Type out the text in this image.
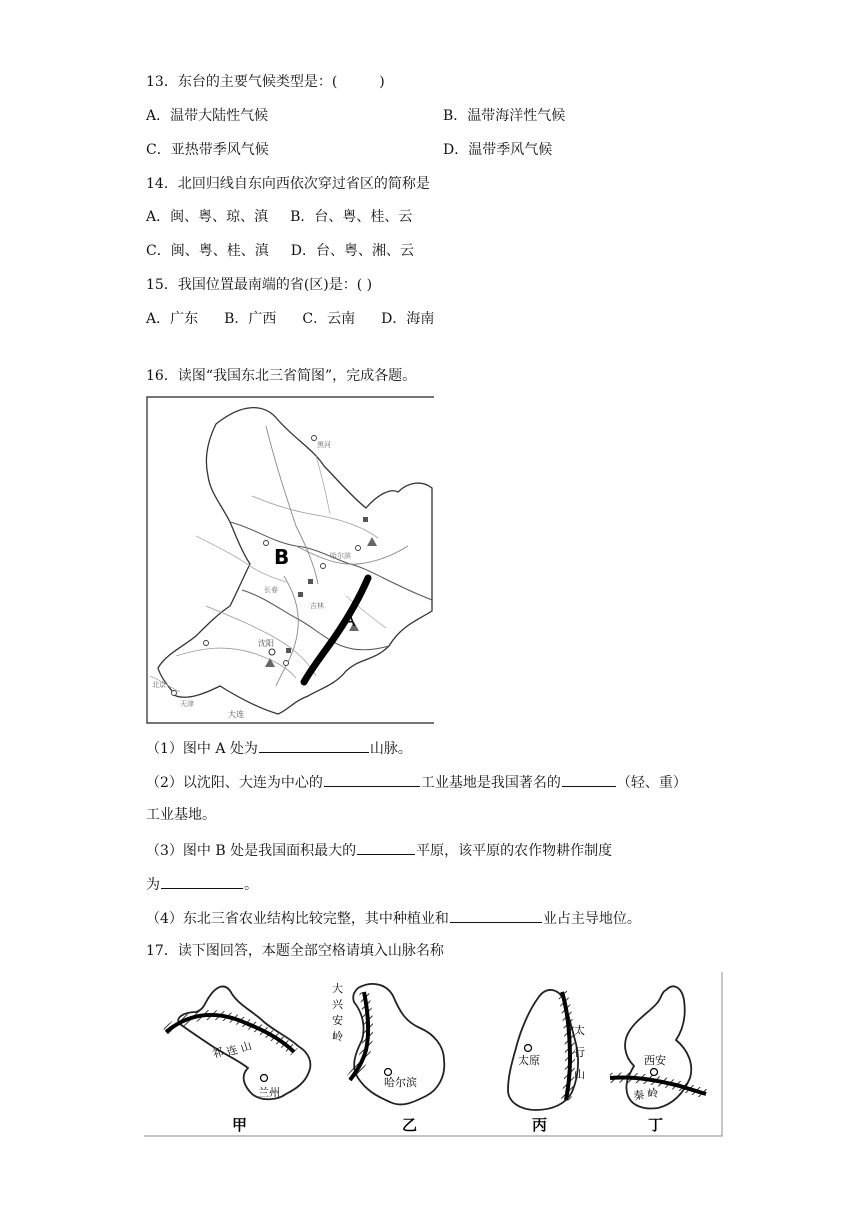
13．东台的主要气候类型是：(　　　)
A．温带大陆性气候	B．温带海洋性气候
C．亚热带季风气候	D．温带季风气候
14．北回归线自东向西依次穿过省区的简称是
A．闽、粤、琼、滇 B．台、粤、桂、云
C．闽、粤、桂、滇 D．台、粤、湘、云
15．我国位置最南端的省(区)是：( )
A．广东 B．广西 C．云南 D．海南
16．读图“我国东北三省简图”，完成各题。
B
A
黑河
哈尔滨
长春
吉林
沈阳
大连
北京
天津
（1）图中 A 处为	山脉。
（2）以沈阳、大连为中心的	工业基地是我国著名的	（轻、重）
工业基地。
（3）图中 B 处是我国面积最大的	平原，该平原的农作物耕作制度
为	。
（4）东北三省农业结构比较完整，其中种植业和	业占主导地位。
17．读下图回答，本题全部空格请填入山脉名称
祁 连 山
兰州
甲
大
兴
安
岭
哈尔滨
乙
太
行
山
太原
丙
西安
秦 岭
丁
